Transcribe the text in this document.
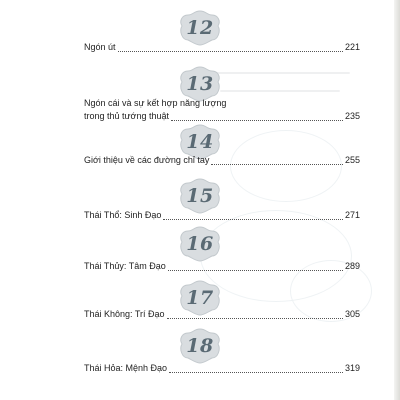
12
Ngón út	221
13
Ngón cái và sự kết hợp năng lượng
trong thủ tướng thuật	235
14
Giới thiệu về các đường chỉ tay	255
15
Thái Thổ: Sinh Đạo	271
16
Thái Thủy: Tâm Đạo	289
17
Thái Không: Trí Đạo	305
18
Thái Hỏa: Mệnh Đạo	319
